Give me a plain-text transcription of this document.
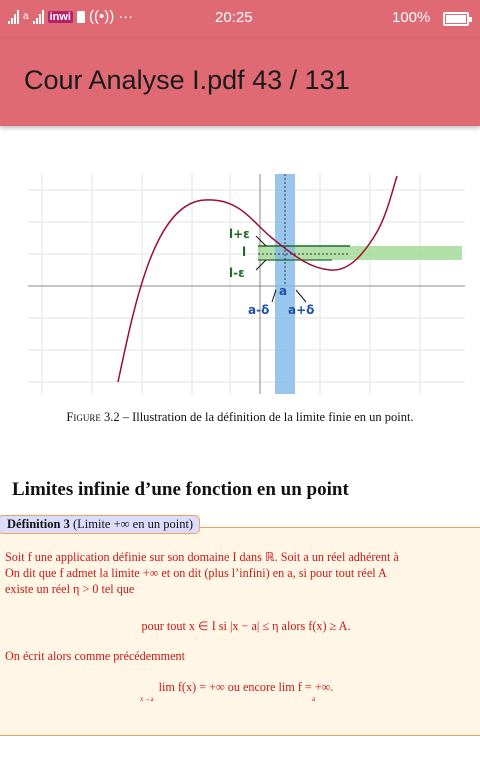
a inwi ((•)) ···	20:25	100%
Cour Analyse I.pdf 43 / 131
l+ε
l
l-ε
a
a-δ a+δ
Figure 3.2 – Illustration de la définition de la limite finie en un point.
Limites infinie d’une fonction en un point
Définition 3 (Limite +∞ en un point)
Soit f une application définie sur son domaine I dans ℝ. Soit a un réel adhérent à
On dit que f admet la limite +∞ et on dit (plus l’infini) en a, si pour tout réel A
existe un réel η > 0 tel que
pour tout x ∈ I si |x − a| ≤ η alors f(x) ≥ A.
On écrit alors comme précédemment
lim f(x) = +∞ ou encore lim f = +∞.
x→a	a
